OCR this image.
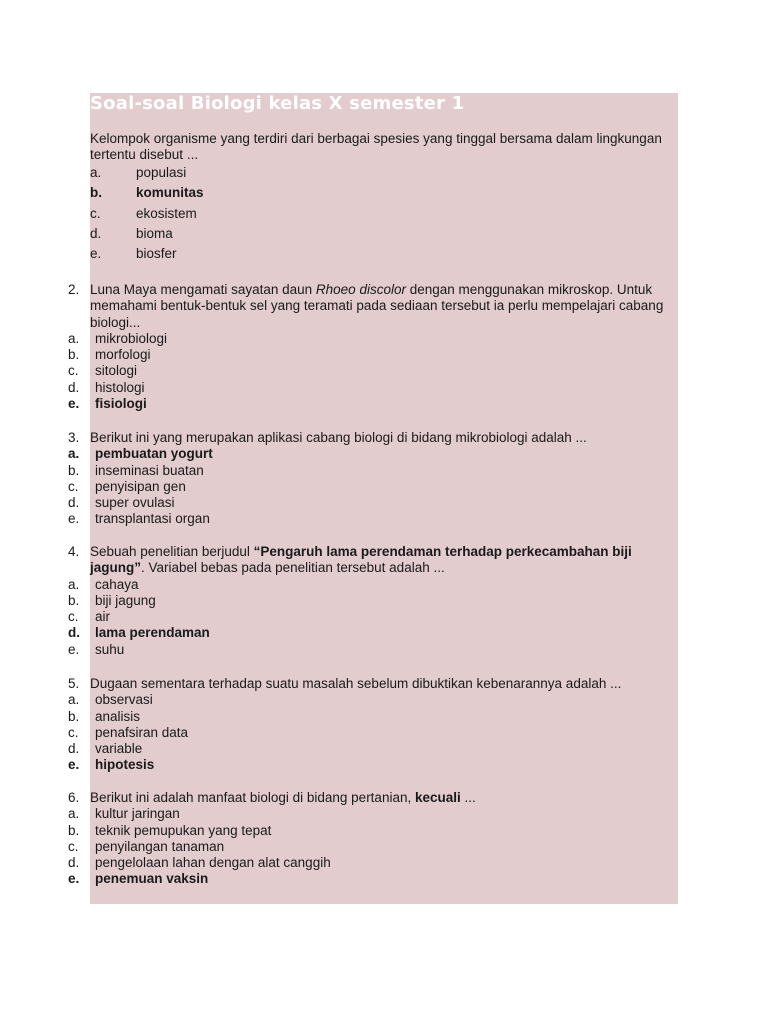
Soal-soal Biologi kelas X semester 1
1. Kelompok organisme yang terdiri dari berbagai spesies yang tinggal bersama dalam lingkungan tertentu disebut ...
a.	populasi
b.	komunitas
c.	ekosistem
d.	bioma
e.	biosfer
2. Luna Maya mengamati sayatan daun Rhoeo discolor dengan menggunakan mikroskop. Untuk memahami bentuk-bentuk sel yang teramati pada sediaan tersebut ia perlu mempelajari cabang biologi...
a. mikrobiologi
b. morfologi
c. sitologi
d. histologi
e. fisiologi
3. Berikut ini yang merupakan aplikasi cabang biologi di bidang mikrobiologi adalah ...
a. pembuatan yogurt
b. inseminasi buatan
c. penyisipan gen
d. super ovulasi
e. transplantasi organ
4. Sebuah penelitian berjudul “Pengaruh lama perendaman terhadap perkecambahan biji jagung”. Variabel bebas pada penelitian tersebut adalah ...
a. cahaya
b. biji jagung
c. air
d. lama perendaman
e. suhu
5. Dugaan sementara terhadap suatu masalah sebelum dibuktikan kebenarannya adalah ...
a. observasi
b. analisis
c. penafsiran data
d. variable
e. hipotesis
6. Berikut ini adalah manfaat biologi di bidang pertanian, kecuali ...
a. kultur jaringan
b. teknik pemupukan yang tepat
c. penyilangan tanaman
d. pengelolaan lahan dengan alat canggih
e. penemuan vaksin
